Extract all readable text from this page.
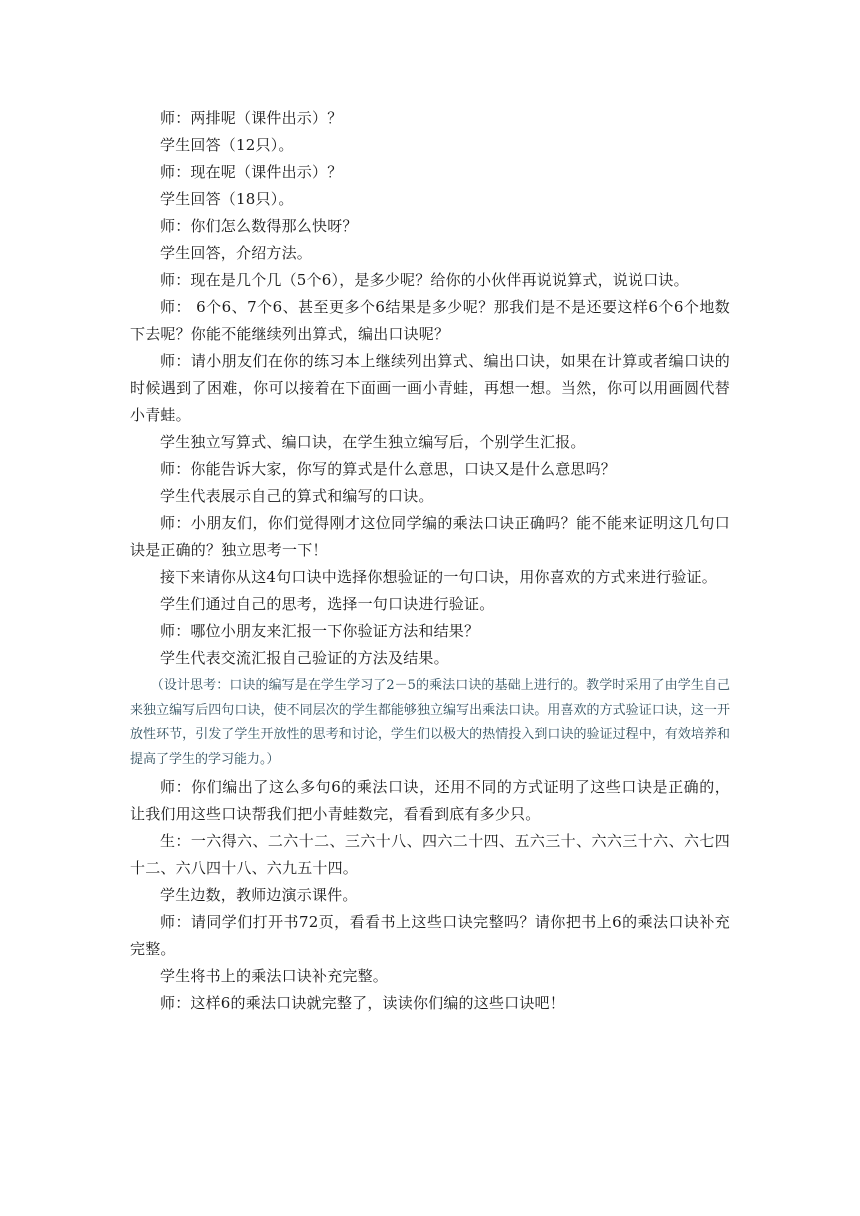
师：两排呢（课件出示）？

学生回答（12只）。

师：现在呢（课件出示）？

学生回答（18只）。

师：你们怎么数得那么快呀？

学生回答，介绍方法。

师：现在是几个几（5个6），是多少呢？给你的小伙伴再说说算式，说说口诀。

师： 6个6、7个6、甚至更多个6结果是多少呢？那我们是不是还要这样6个6个地数下去呢？你能不能继续列出算式，编出口诀呢？

师：请小朋友们在你的练习本上继续列出算式、编出口诀，如果在计算或者编口诀的时候遇到了困难，你可以接着在下面画一画小青蛙，再想一想。当然，你可以用画圆代替小青蛙。

学生独立写算式、编口诀，在学生独立编写后，个别学生汇报。

师：你能告诉大家，你写的算式是什么意思，口诀又是什么意思吗？

学生代表展示自己的算式和编写的口诀。

师：小朋友们，你们觉得刚才这位同学编的乘法口诀正确吗？能不能来证明这几句口诀是正确的？独立思考一下！

接下来请你从这4句口诀中选择你想验证的一句口诀，用你喜欢的方式来进行验证。

学生们通过自己的思考，选择一句口诀进行验证。

师：哪位小朋友来汇报一下你验证方法和结果？

学生代表交流汇报自己验证的方法及结果。

（设计思考：口诀的编写是在学生学习了2－5的乘法口诀的基础上进行的。教学时采用了由学生自己来独立编写后四句口诀，使不同层次的学生都能够独立编写出乘法口诀。用喜欢的方式验证口诀，这一开放性环节，引发了学生开放性的思考和讨论，学生们以极大的热情投入到口诀的验证过程中，有效培养和提高了学生的学习能力。）

师：你们编出了这么多句6的乘法口诀，还用不同的方式证明了这些口诀是正确的，让我们用这些口诀帮我们把小青蛙数完，看看到底有多少只。

生：一六得六、二六十二、三六十八、四六二十四、五六三十、六六三十六、六七四十二、六八四十八、六九五十四。

学生边数，教师边演示课件。

师：请同学们打开书72页，看看书上这些口诀完整吗？请你把书上6的乘法口诀补充完整。

学生将书上的乘法口诀补充完整。

师：这样6的乘法口诀就完整了，读读你们编的这些口诀吧！
